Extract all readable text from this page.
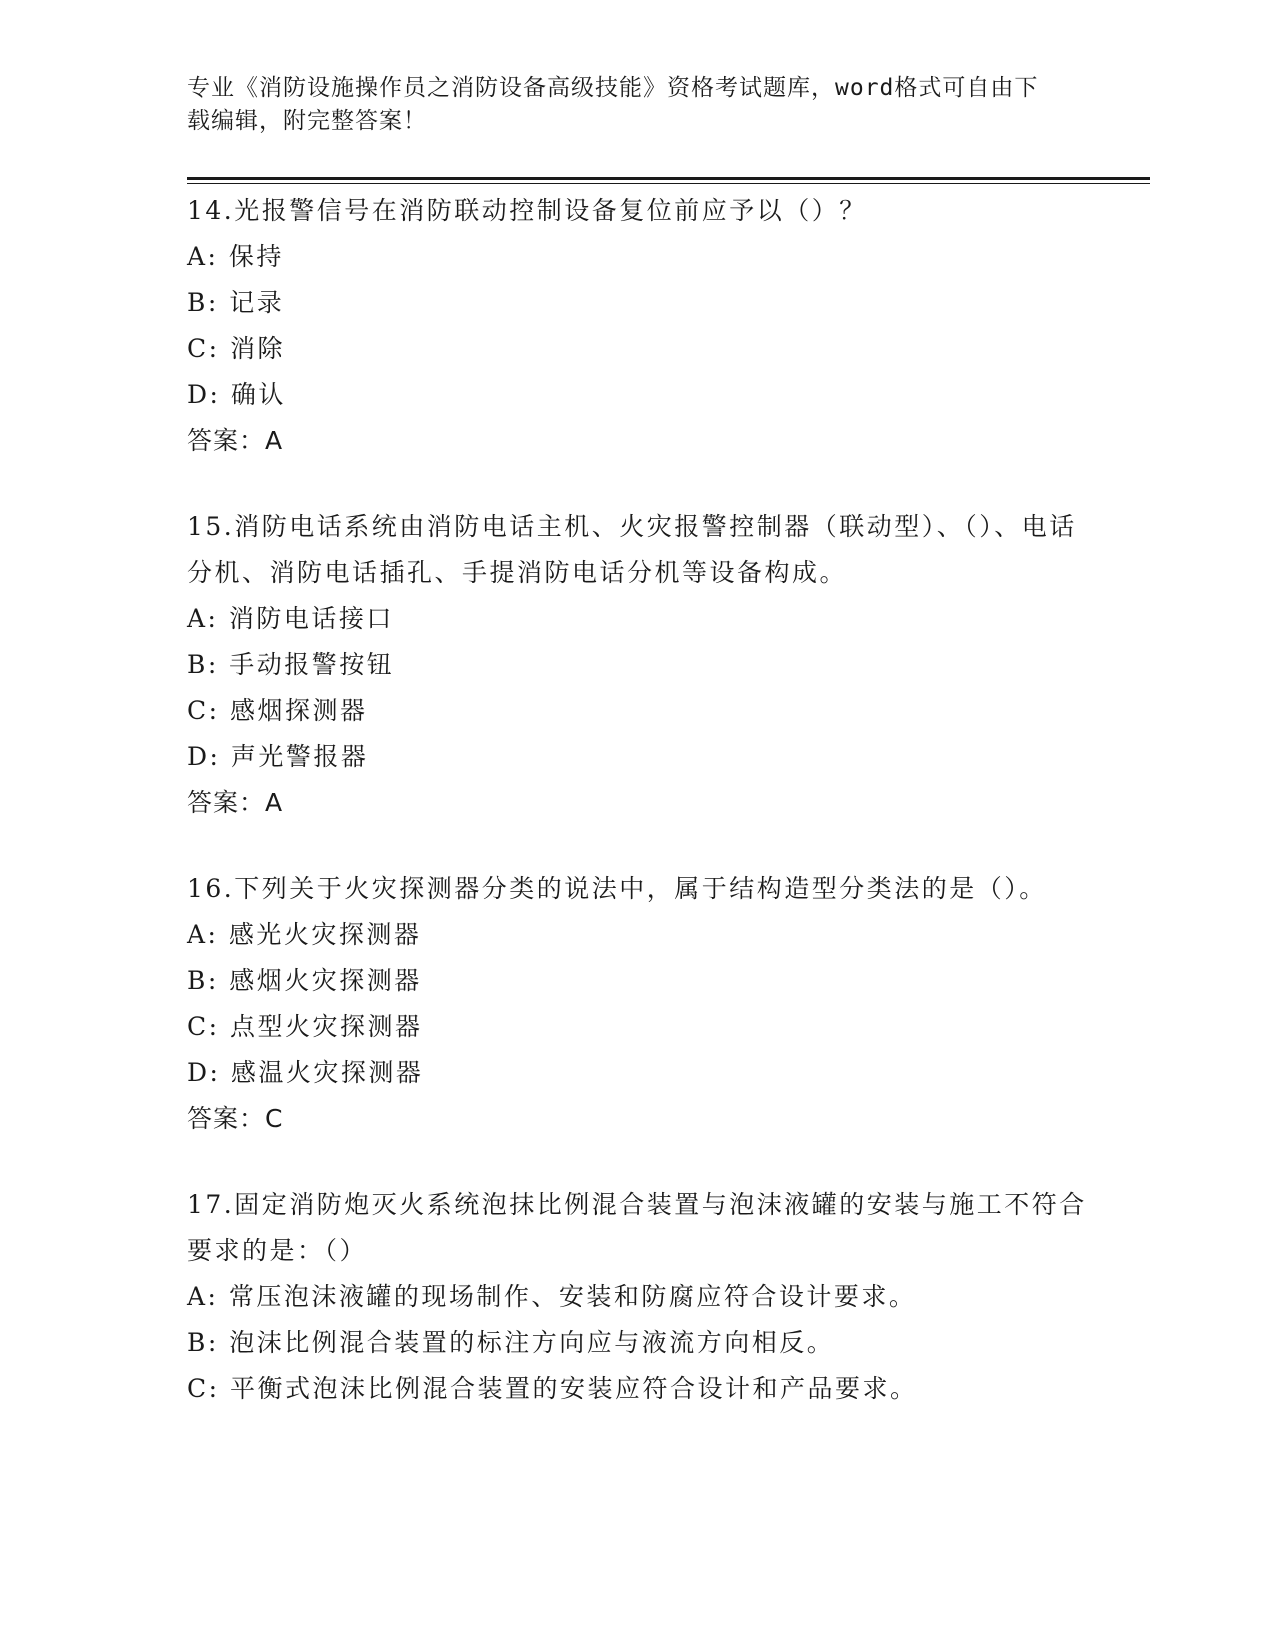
专业《消防设施操作员之消防设备高级技能》资格考试题库，word格式可自由下
载编辑，附完整答案！
14.光报警信号在消防联动控制设备复位前应予以（）？
A: 保持
B: 记录
C: 消除
D: 确认
答案：A
15.消防电话系统由消防电话主机、火灾报警控制器（联动型）、（）、电话分机、消防电话插孔、手提消防电话分机等设备构成。
A: 消防电话接口
B: 手动报警按钮
C: 感烟探测器
D: 声光警报器
答案：A
16.下列关于火灾探测器分类的说法中，属于结构造型分类法的是（）。
A: 感光火灾探测器
B: 感烟火灾探测器
C: 点型火灾探测器
D: 感温火灾探测器
答案：C
17.固定消防炮灭火系统泡抹比例混合装置与泡沫液罐的安装与施工不符合要求的是：（）
A: 常压泡沫液罐的现场制作、安装和防腐应符合设计要求。
B: 泡沫比例混合装置的标注方向应与液流方向相反。
C: 平衡式泡沫比例混合装置的安装应符合设计和产品要求。
